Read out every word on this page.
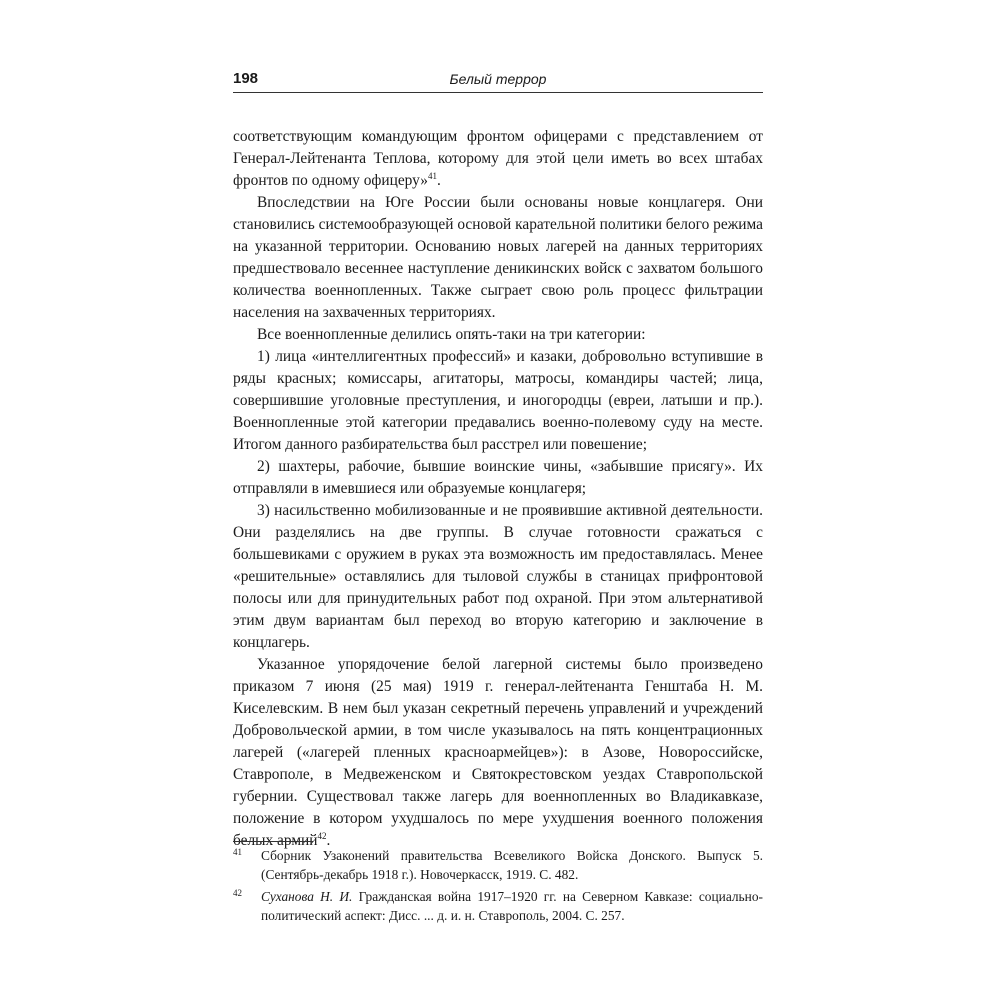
198	Белый террор

соответствующим командующим фронтом офицерами с представлением от Генерал-Лейтенанта Теплова, которому для этой цели иметь во всех штабах фронтов по одному офицеру»$^{41}$.

Впоследствии на Юге России были основаны новые концлагеря. Они становились системообразующей основой карательной политики белого режима на указанной территории. Основанию новых лагерей на данных территориях предшествовало весеннее наступление деникинских войск с захватом большого количества военнопленных. Также сыграет свою роль процесс фильтрации населения на захваченных территориях.

Все военнопленные делились опять-таки на три категории:

1) лица «интеллигентных профессий» и казаки, добровольно вступившие в ряды красных; комиссары, агитаторы, матросы, командиры частей; лица, совершившие уголовные преступления, и иногородцы (евреи, латыши и пр.). Военнопленные этой категории предавались военно-полевому суду на месте. Итогом данного разбирательства был расстрел или повешение;

2) шахтеры, рабочие, бывшие воинские чины, «забывшие присягу». Их отправляли в имевшиеся или образуемые концлагеря;

3) насильственно мобилизованные и не проявившие активной деятельности. Они разделялись на две группы. В случае готовности сражаться с большевиками с оружием в руках эта возможность им предоставлялась. Менее «решительные» оставлялись для тыловой службы в станицах прифронтовой полосы или для принудительных работ под охраной. При этом альтернативой этим двум вариантам был переход во вторую категорию и заключение в концлагерь.

Указанное упорядочение белой лагерной системы было произведено приказом 7 июня (25 мая) 1919 г. генерал-лейтенанта Генштаба Н. М. Киселевским. В нем был указан секретный перечень управлений и учреждений Добровольческой армии, в том числе указывалось на пять концентрационных лагерей («лагерей пленных красноармейцев»): в Азове, Новороссийске, Ставрополе, в Медвеженском и Святокрестовском уездах Ставропольской губернии. Существовал также лагерь для военнопленных во Владикавказе, положение в котором ухудшалось по мере ухудшения военного положения белых армий$^{42}$.

41 Сборник Узаконений правительства Всевеликого Войска Донского. Выпуск 5. (Сентябрь-декабрь 1918 г.). Новочеркасск, 1919. С. 482.
42 Суханова Н. И. Гражданская война 1917–1920 гг. на Северном Кавказе: социально-политический аспект: Дисс. ... д. и. н. Ставрополь, 2004. С. 257.
